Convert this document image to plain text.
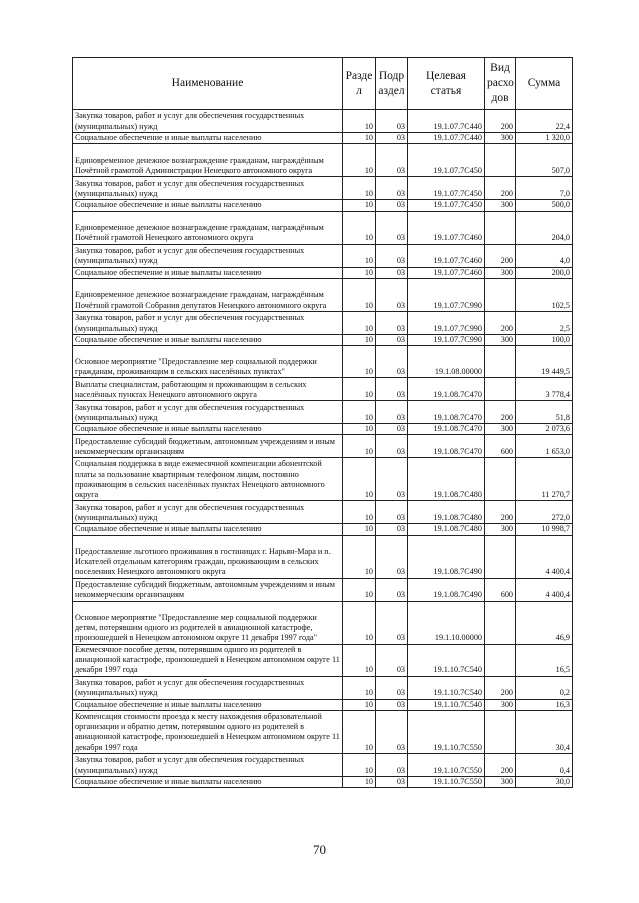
Наименование	Разде л	Подр аздел	Целевая статья	Вид расхо дов	Сумма
Закупка товаров, работ и услуг для обеспечения государственных (муниципальных) нужд	10	03	19.1.07.7С440	200	22,4
Социальное обеспечение и иные выплаты населению	10	03	19.1.07.7С440	300	1 320,0
Единовременное денежное вознаграждение гражданам, награждённым Почётной грамотой Администрации Ненецкого автономного округа	10	03	19.1.07.7С450		507,0
Закупка товаров, работ и услуг для обеспечения государственных (муниципальных) нужд	10	03	19.1.07.7С450	200	7,0
Социальное обеспечение и иные выплаты населению	10	03	19.1.07.7С450	300	500,0
Единовременное денежное вознаграждение гражданам, награждённым Почётной грамотой Ненецкого автономного округа	10	03	19.1.07.7С460		204,0
Закупка товаров, работ и услуг для обеспечения государственных (муниципальных) нужд	10	03	19.1.07.7С460	200	4,0
Социальное обеспечение и иные выплаты населению	10	03	19.1.07.7С460	300	200,0
Единовременное денежное вознаграждение гражданам, награждённым Почётной грамотой Собрания депутатов Ненецкого автономного округа	10	03	19.1.07.7С990		102,5
Закупка товаров, работ и услуг для обеспечения государственных (муниципальных) нужд	10	03	19.1.07.7С990	200	2,5
Социальное обеспечение и иные выплаты населению	10	03	19.1.07.7С990	300	100,0
Основное мероприятие "Предоставление мер социальной поддержки гражданам, проживающим в сельских населённых пунктах"	10	03	19.1.08.00000		19 449,5
Выплаты специалистам, работающим и проживающим в сельских населённых пунктах Ненецкого автономного округа	10	03	19.1.08.7С470		3 778,4
Закупка товаров, работ и услуг для обеспечения государственных (муниципальных) нужд	10	03	19.1.08.7С470	200	51,8
Социальное обеспечение и иные выплаты населению	10	03	19.1.08.7С470	300	2 073,6
Предоставление субсидий бюджетным, автономным учреждениям и иным некоммерческим организациям	10	03	19.1.08.7С470	600	1 653,0
Социальная поддержка в виде ежемесячной компенсации абонентской платы за пользование квартирным телефоном лицам, постоянно проживающим в сельских населённых пунктах Ненецкого автономного округа	10	03	19.1.08.7С480		11 270,7
Закупка товаров, работ и услуг для обеспечения государственных (муниципальных) нужд	10	03	19.1.08.7С480	200	272,0
Социальное обеспечение и иные выплаты населению	10	03	19.1.08.7С480	300	10 998,7
Предоставление льготного проживания в гостиницах г. Нарьян-Мара и п. Искателей отдельным категориям граждан, проживающим в сельских поселениях Ненецкого автономного округа	10	03	19.1.08.7С490		4 400,4
Предоставление субсидий бюджетным, автономным учреждениям и иным некоммерческим организациям	10	03	19.1.08.7С490	600	4 400,4
Основное мероприятие "Предоставление мер социальной поддержки детям, потерявшим одного из родителей в авиационной катастрофе, произошедшей в Ненецком автономном округе 11 декабря 1997 года"	10	03	19.1.10.00000		46,9
Ежемесячное пособие детям, потерявшим одного из родителей в авиационной катастрофе, произошедшей в Ненецком автономном округе 11 декабря 1997 года	10	03	19.1.10.7С540		16,5
Закупка товаров, работ и услуг для обеспечения государственных (муниципальных) нужд	10	03	19.1.10.7С540	200	0,2
Социальное обеспечение и иные выплаты населению	10	03	19.1.10.7С540	300	16,3
Компенсация стоимости проезда к месту нахождения образовательной организации и обратно детям, потерявшим одного из родителей в авиационной катастрофе, произошедшей в Ненецком автономном округе 11 декабря 1997 года	10	03	19.1.10.7С550		30,4
Закупка товаров, работ и услуг для обеспечения государственных (муниципальных) нужд	10	03	19.1.10.7С550	200	0,4
Социальное обеспечение и иные выплаты населению	10	03	19.1.10.7С550	300	30,0
70
